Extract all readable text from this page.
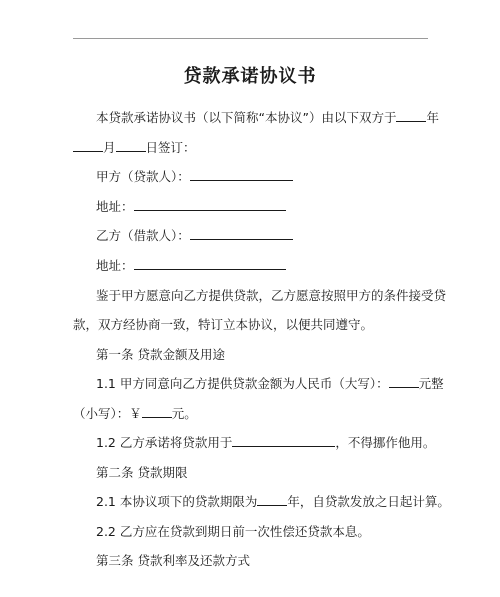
贷款承诺协议书
本贷款承诺协议书（以下简称“本协议”）由以下双方于 年
月 日签订：
甲方（贷款人）：
地址：
乙方（借款人）：
地址：
鉴于甲方愿意向乙方提供贷款，乙方愿意按照甲方的条件接受贷
款，双方经协商一致，特订立本协议，以便共同遵守。
第一条 贷款金额及用途
1.1 甲方同意向乙方提供贷款金额为人民币（大写）： 元整
（小写）：￥ 元。
1.2 乙方承诺将贷款用于	，不得挪作他用。
第二条 贷款期限
2.1 本协议项下的贷款期限为 年，自贷款发放之日起计算。
2.2 乙方应在贷款到期日前一次性偿还贷款本息。
第三条 贷款利率及还款方式
